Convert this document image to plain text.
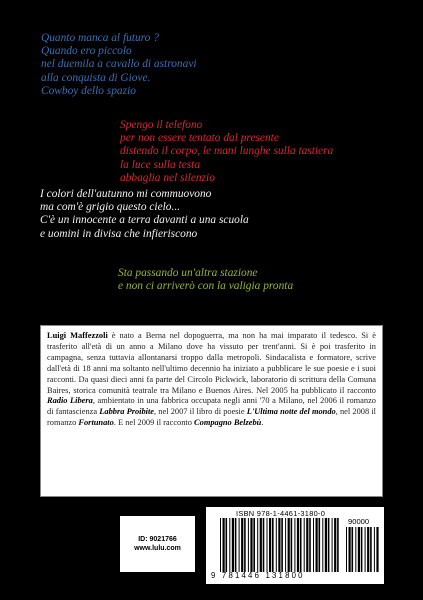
Quanto manca al futuro ?
Quando ero piccolo
nel duemila a cavallo di astronavi
alla conquista di Giove.
Cowboy dello spazio
Spengo il telefono
per non essere tentato dal presente
distendo il corpo, le mani lunghe sulla tastiera
la luce sulla testa
abbaglia nel silenzio
I colori dell'autunno mi commuovono
ma com'è grigio questo cielo...
C'è un innocente a terra davanti a una scuola
e uomini in divisa che infieriscono
Sta passando un'altra stazione
e non ci arriverò con la valigia pronta

Luigi Maffezzoli è nato a Berna nel dopoguerra, ma non ha mai imparato il tedesco. Si è trasferito all'età di un anno a Milano dove ha vissuto per trent'anni. Si è poi trasferito in campagna, senza tuttavia allontanarsi troppo dalla metropoli. Sindacalista e formatore, scrive dall'età di 18 anni ma soltanto nell'ultimo decennio ha iniziato a pubblicare le sue poesie e i suoi racconti. Da quasi dieci anni fa parte del Circolo Pickwick, laboratorio di scrittura della Comuna Baires, storica comunità teatrale tra Milano e Buenos Aires. Nel 2005 ha pubblicato il racconto Radio Libera, ambientato in una fabbrica occupata negli anni '70 a Milano, nel 2006 il romanzo di fantascienza Labbra Proibite, nel 2007 il libro di poesie L'Ultima notte del mondo, nel 2008 il romanzo Fortunato. E nel 2009 il racconto Compagno Belzebù.

ID: 9021766
www.lulu.com
ISBN 978-1-4461-3180-0
90000
9 781446 131800
